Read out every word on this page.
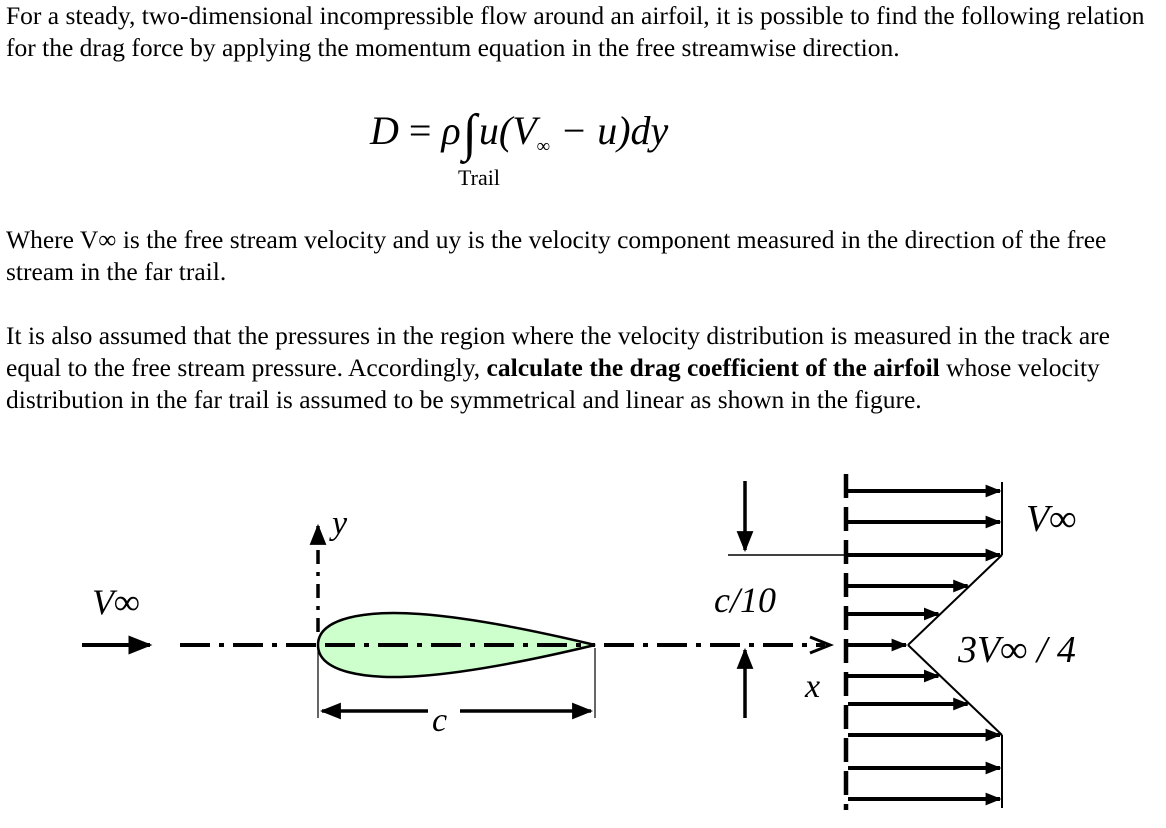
For a steady, two-dimensional incompressible flow around an airfoil, it is possible to find the following relation for the drag force by applying the momentum equation in the free streamwise direction.

$D = \rho\int u(V_\infty - u)dy$
Trail

Where V∞ is the free stream velocity and uy is the velocity component measured in the direction of the free stream in the far trail.

It is also assumed that the pressures in the region where the velocity distribution is measured in the track are equal to the free stream pressure. Accordingly, calculate the drag coefficient of the airfoil whose velocity distribution in the far trail is assumed to be symmetrical and linear as shown in the figure.

V∞
x
y
c
c/10
V∞
3V∞ / 4
